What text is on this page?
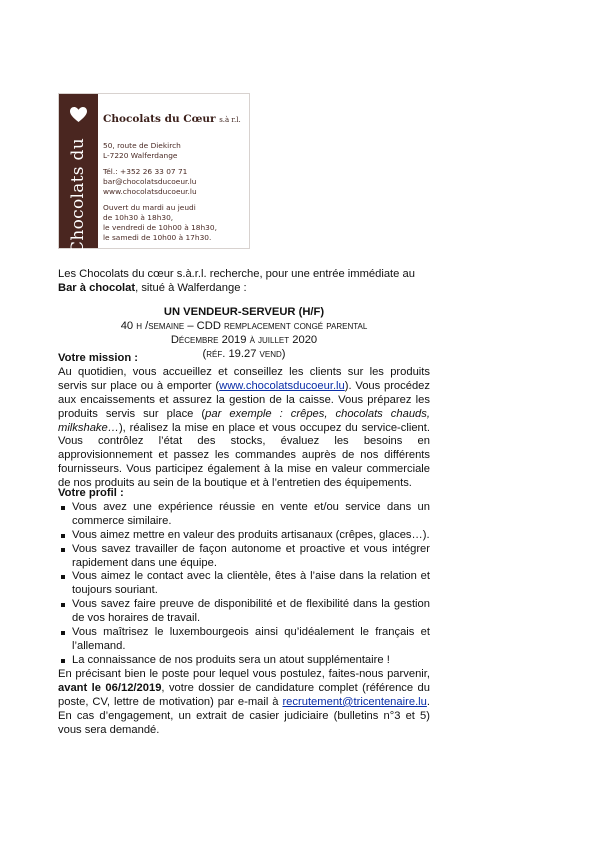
Chocolats du
Chocolats du Cœur s.à r.l.
50, route de Diekirch
L-7220 Walferdange
Tél.: +352 26 33 07 71
bar@chocolatsducoeur.lu
www.chocolatsducoeur.lu
Ouvert du mardi au jeudi
de 10h30 à 18h30,
le vendredi de 10h00 à 18h30,
le samedi de 10h00 à 17h30.
Les Chocolats du cœur s.à.r.l. recherche, pour une entrée immédiate au Bar à chocolat, situé à Walferdange :
UN VENDEUR-SERVEUR (H/F)
40 h /semaine – CDD remplacement congé parental
Décembre 2019 à juillet 2020
(réf. 19.27 vend)
Votre mission :
Au quotidien, vous accueillez et conseillez les clients sur les produits servis sur place ou à emporter (www.chocolatsducoeur.lu). Vous procédez aux encaissements et assurez la gestion de la caisse. Vous préparez les produits servis sur place (par exemple : crêpes, chocolats chauds, milkshake…), réalisez la mise en place et vous occupez du service-client. Vous contrôlez l’état des stocks, évaluez les besoins en approvisionnement et passez les commandes auprès de nos différents fournisseurs. Vous participez également à la mise en valeur commerciale de nos produits au sein de la boutique et à l’entretien des équipements.
Votre profil :
Vous avez une expérience réussie en vente et/ou service dans un commerce similaire.
Vous aimez mettre en valeur des produits artisanaux (crêpes, glaces…).
Vous savez travailler de façon autonome et proactive et vous intégrer rapidement dans une équipe.
Vous aimez le contact avec la clientèle, êtes à l’aise dans la relation et toujours souriant.
Vous savez faire preuve de disponibilité et de flexibilité dans la gestion de vos horaires de travail.
Vous maîtrisez le luxembourgeois ainsi qu’idéalement le français et l’allemand.
La connaissance de nos produits sera un atout supplémentaire !
En précisant bien le poste pour lequel vous postulez, faites-nous parvenir, avant le 06/12/2019, votre dossier de candidature complet (référence du poste, CV, lettre de motivation) par e-mail à recrutement@tricentenaire.lu. En cas d’engagement, un extrait de casier judiciaire (bulletins n°3 et 5) vous sera demandé.
